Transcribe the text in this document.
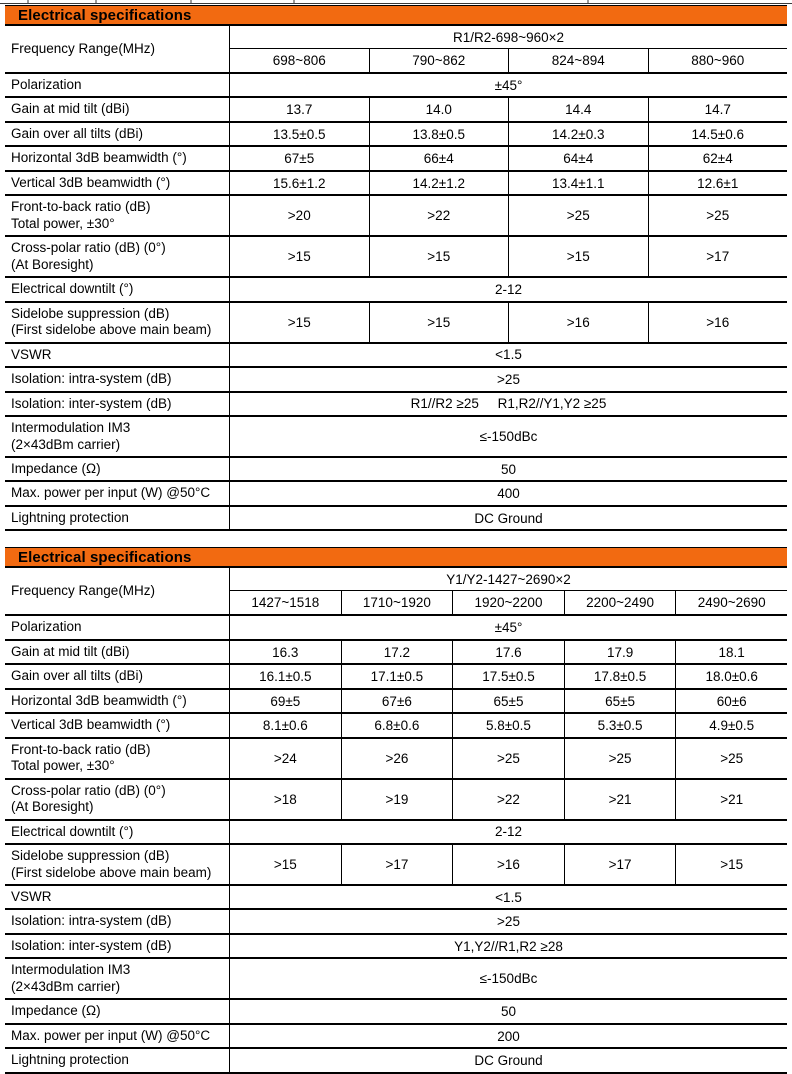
Electrical specifications
Frequency Range(MHz)
R1/R2-698~960×2
698~806	790~862	824~894	880~960
Polarization	±45°
Gain at mid tilt (dBi)	13.7	14.0	14.4	14.7
Gain over all tilts (dBi)	13.5±0.5	13.8±0.5	14.2±0.3	14.5±0.6
Horizontal 3dB beamwidth (°)	67±5	66±4	64±4	62±4
Vertical 3dB beamwidth (°)	15.6±1.2	14.2±1.2	13.4±1.1	12.6±1
Front-to-back ratio (dB)
Total power, ±30°	>20	>22	>25	>25
Cross-polar ratio (dB) (0°)
(At Boresight)	>15	>15	>15	>17
Electrical downtilt (°)	2-12
Sidelobe suppression (dB)
(First sidelobe above main beam)	>15	>15	>16	>16
VSWR	<1.5
Isolation: intra-system (dB)	>25
Isolation: inter-system (dB)	R1//R2 ≥25     R1,R2//Y1,Y2 ≥25
Intermodulation IM3
(2×43dBm carrier)	≤-150dBc
Impedance (Ω)	50
Max. power per input (W) @50°C	400
Lightning protection	DC Ground
Electrical specifications
Frequency Range(MHz)
Y1/Y2-1427~2690×2
1427~1518	1710~1920	1920~2200	2200~2490	2490~2690
Polarization	±45°
Gain at mid tilt (dBi)	16.3	17.2	17.6	17.9	18.1
Gain over all tilts (dBi)	16.1±0.5	17.1±0.5	17.5±0.5	17.8±0.5	18.0±0.6
Horizontal 3dB beamwidth (°)	69±5	67±6	65±5	65±5	60±6
Vertical 3dB beamwidth (°)	8.1±0.6	6.8±0.6	5.8±0.5	5.3±0.5	4.9±0.5
Front-to-back ratio (dB)
Total power, ±30°	>24	>26	>25	>25	>25
Cross-polar ratio (dB) (0°)
(At Boresight)	>18	>19	>22	>21	>21
Electrical downtilt (°)	2-12
Sidelobe suppression (dB)
(First sidelobe above main beam)	>15	>17	>16	>17	>15
VSWR	<1.5
Isolation: intra-system (dB)	>25
Isolation: inter-system (dB)	Y1,Y2//R1,R2 ≥28
Intermodulation IM3
(2×43dBm carrier)	≤-150dBc
Impedance (Ω)	50
Max. power per input (W) @50°C	200
Lightning protection	DC Ground
